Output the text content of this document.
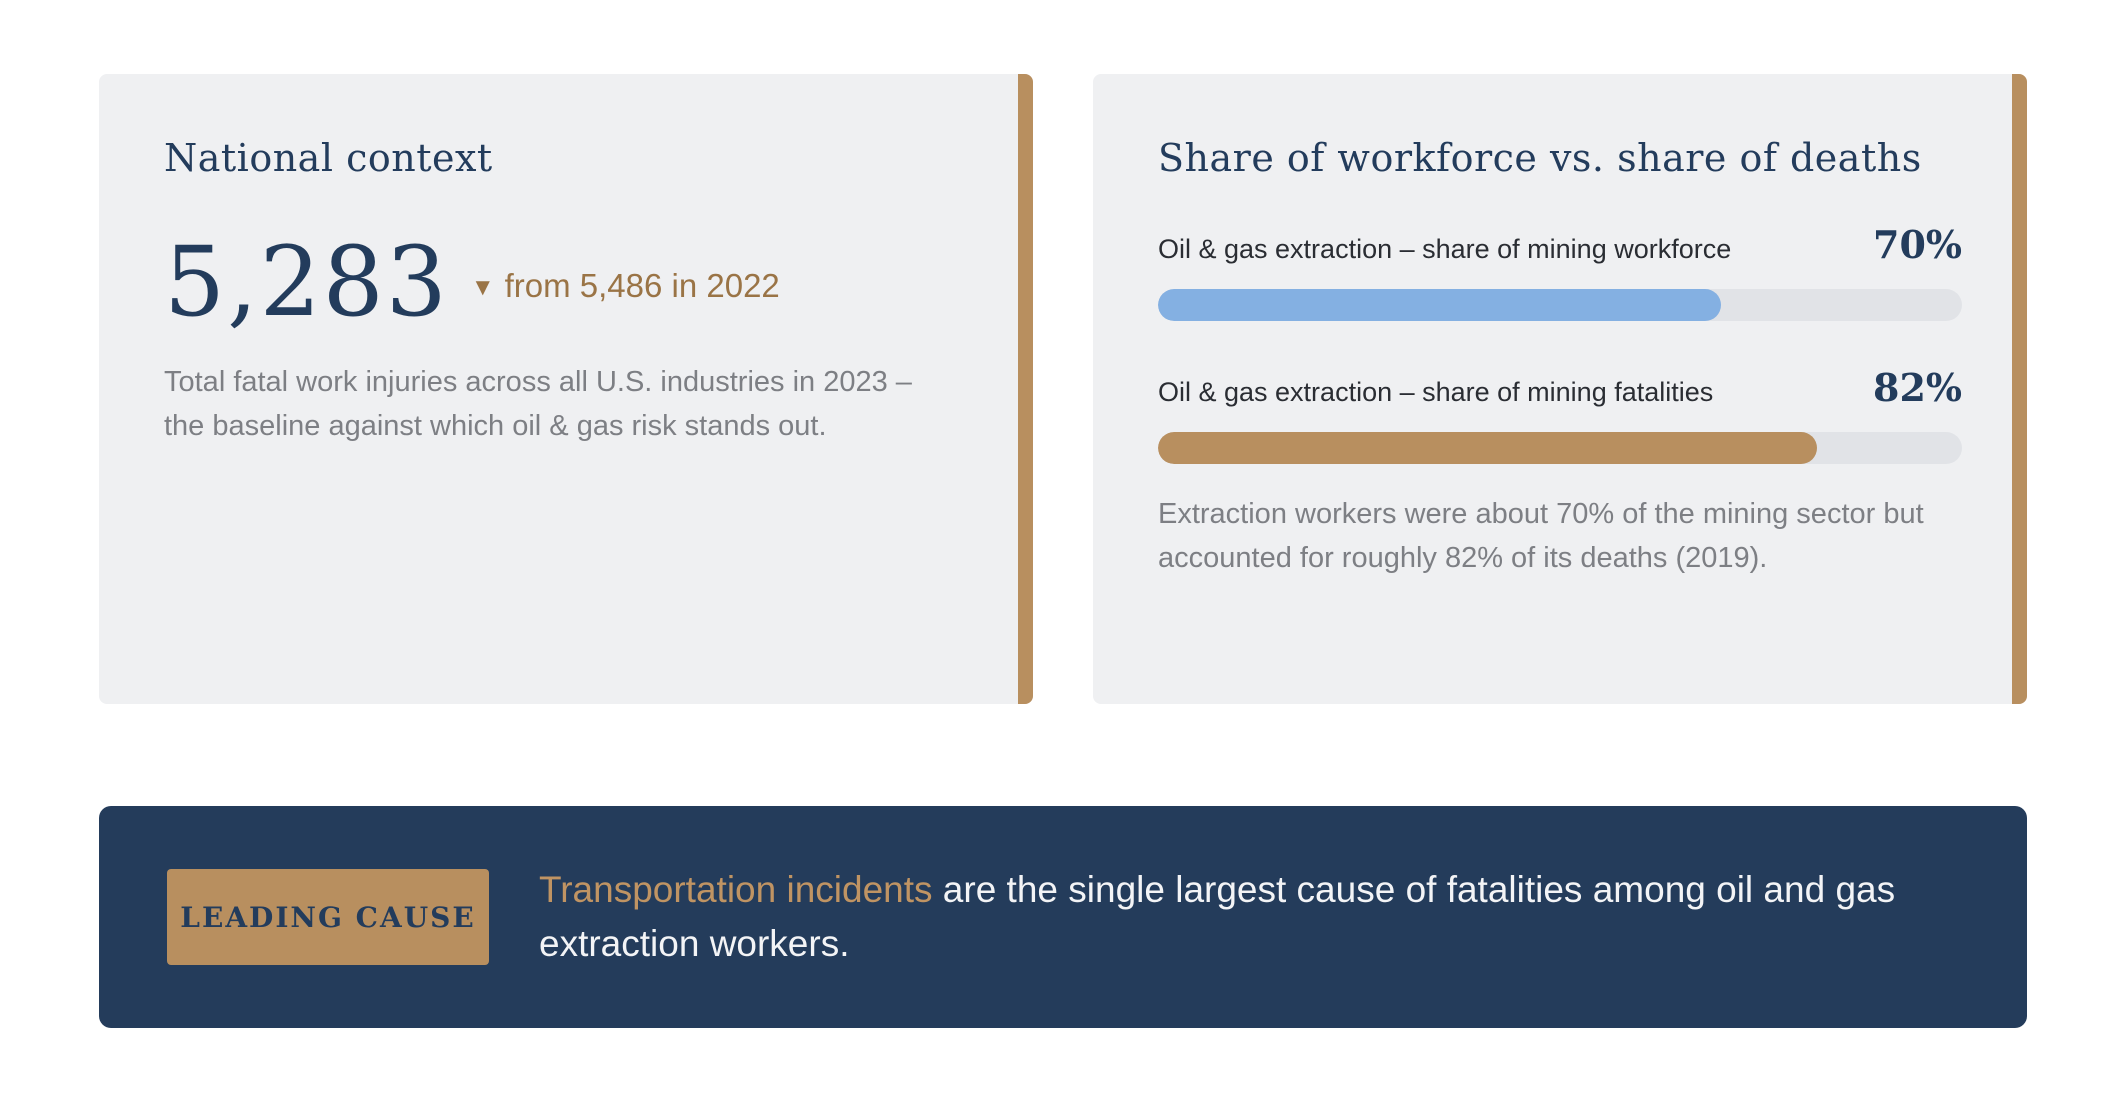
National context
5,283 ▼ from 5,486 in 2022
Total fatal work injuries across all U.S. industries in 2023 – the baseline against which oil & gas risk stands out.
Share of workforce vs. share of deaths
Oil & gas extraction – share of mining workforce	70%
Oil & gas extraction – share of mining fatalities	82%
Extraction workers were about 70% of the mining sector but accounted for roughly 82% of its deaths (2019).
LEADING CAUSE
Transportation incidents are the single largest cause of fatalities among oil and gas extraction workers.
